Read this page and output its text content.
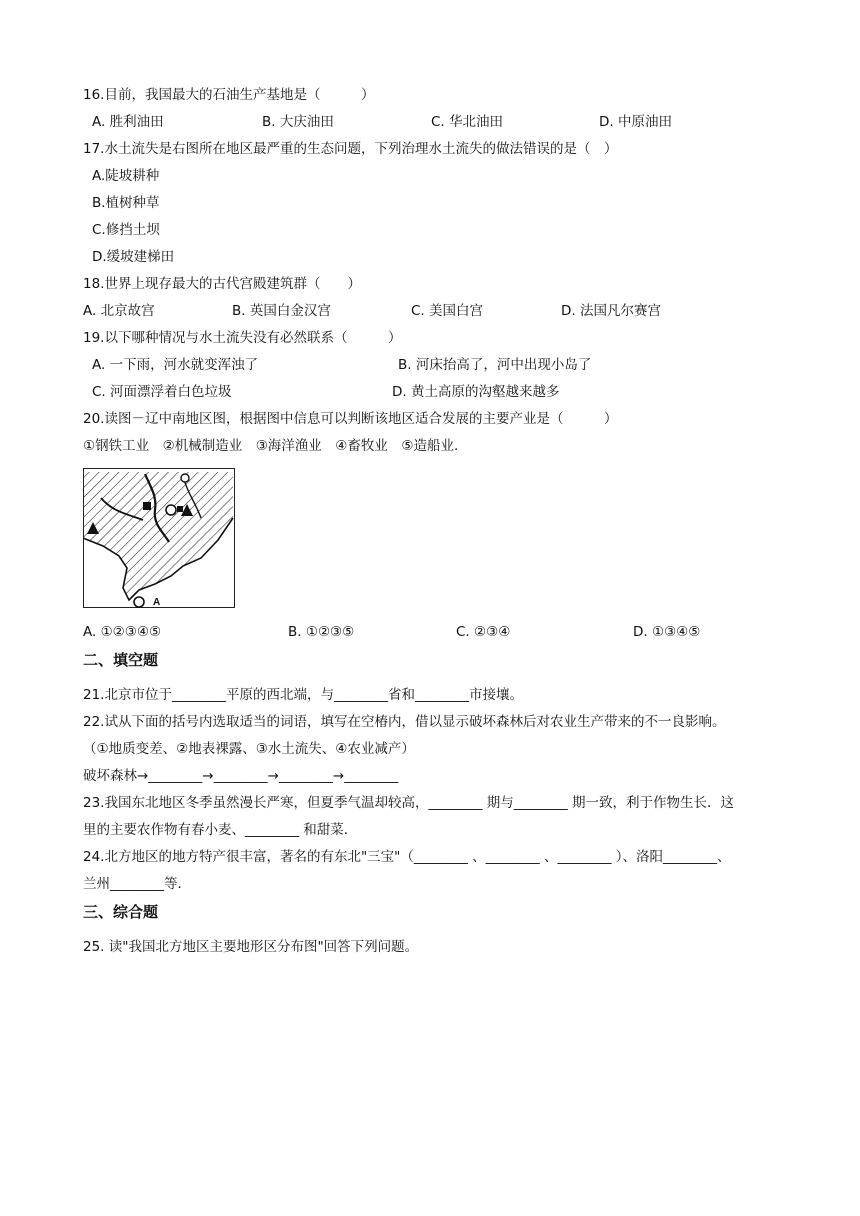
16.目前，我国最大的石油生产基地是（　　　）
A. 胜利油田	B. 大庆油田	C. 华北油田	D. 中原油田
17.水土流失是右图所在地区最严重的生态问题，下列治理水土流失的做法错误的是（　）
A.陡坡耕种
B.植树种草
C.修挡土坝
D.缓坡建梯田
18.世界上现存最大的古代宫殿建筑群（　　）
A. 北京故宫	B. 英国白金汉宫	C. 美国白宫	D. 法国凡尔赛宫
19.以下哪种情况与水土流失没有必然联系（　　　）
A. 一下雨，河水就变浑浊了	B. 河床抬高了，河中出现小岛了
C. 河面漂浮着白色垃圾	D. 黄土高原的沟壑越来越多
20.读图－辽中南地区图，根据图中信息可以判断该地区适合发展的主要产业是（　　　）
①钢铁工业　②机械制造业　③海洋渔业　④畜牧业　⑤造船业.
A
A. ①②③④⑤	B. ①②③⑤	C. ②③④	D. ①③④⑤
二、填空题
21.北京市位于________平原的西北端，与________省和________市接壤。
22.试从下面的括号内选取适当的词语，填写在空椿内，借以显示破坏森林后对农业生产带来的不一良影响。
（①地质变差、②地表裸露、③水土流失、④农业减产）
破坏森林→________→________→________→________
23.我国东北地区冬季虽然漫长严寒，但夏季气温却较高，________ 期与________ 期一致，利于作物生长．这
里的主要农作物有春小麦、________ 和甜菜．
24.北方地区的地方特产很丰富，著名的有东北"三宝"（________ 、________ 、________ ）、洛阳________、
兰州________等．
三、综合题
25. 读"我国北方地区主要地形区分布图"回答下列问题。
